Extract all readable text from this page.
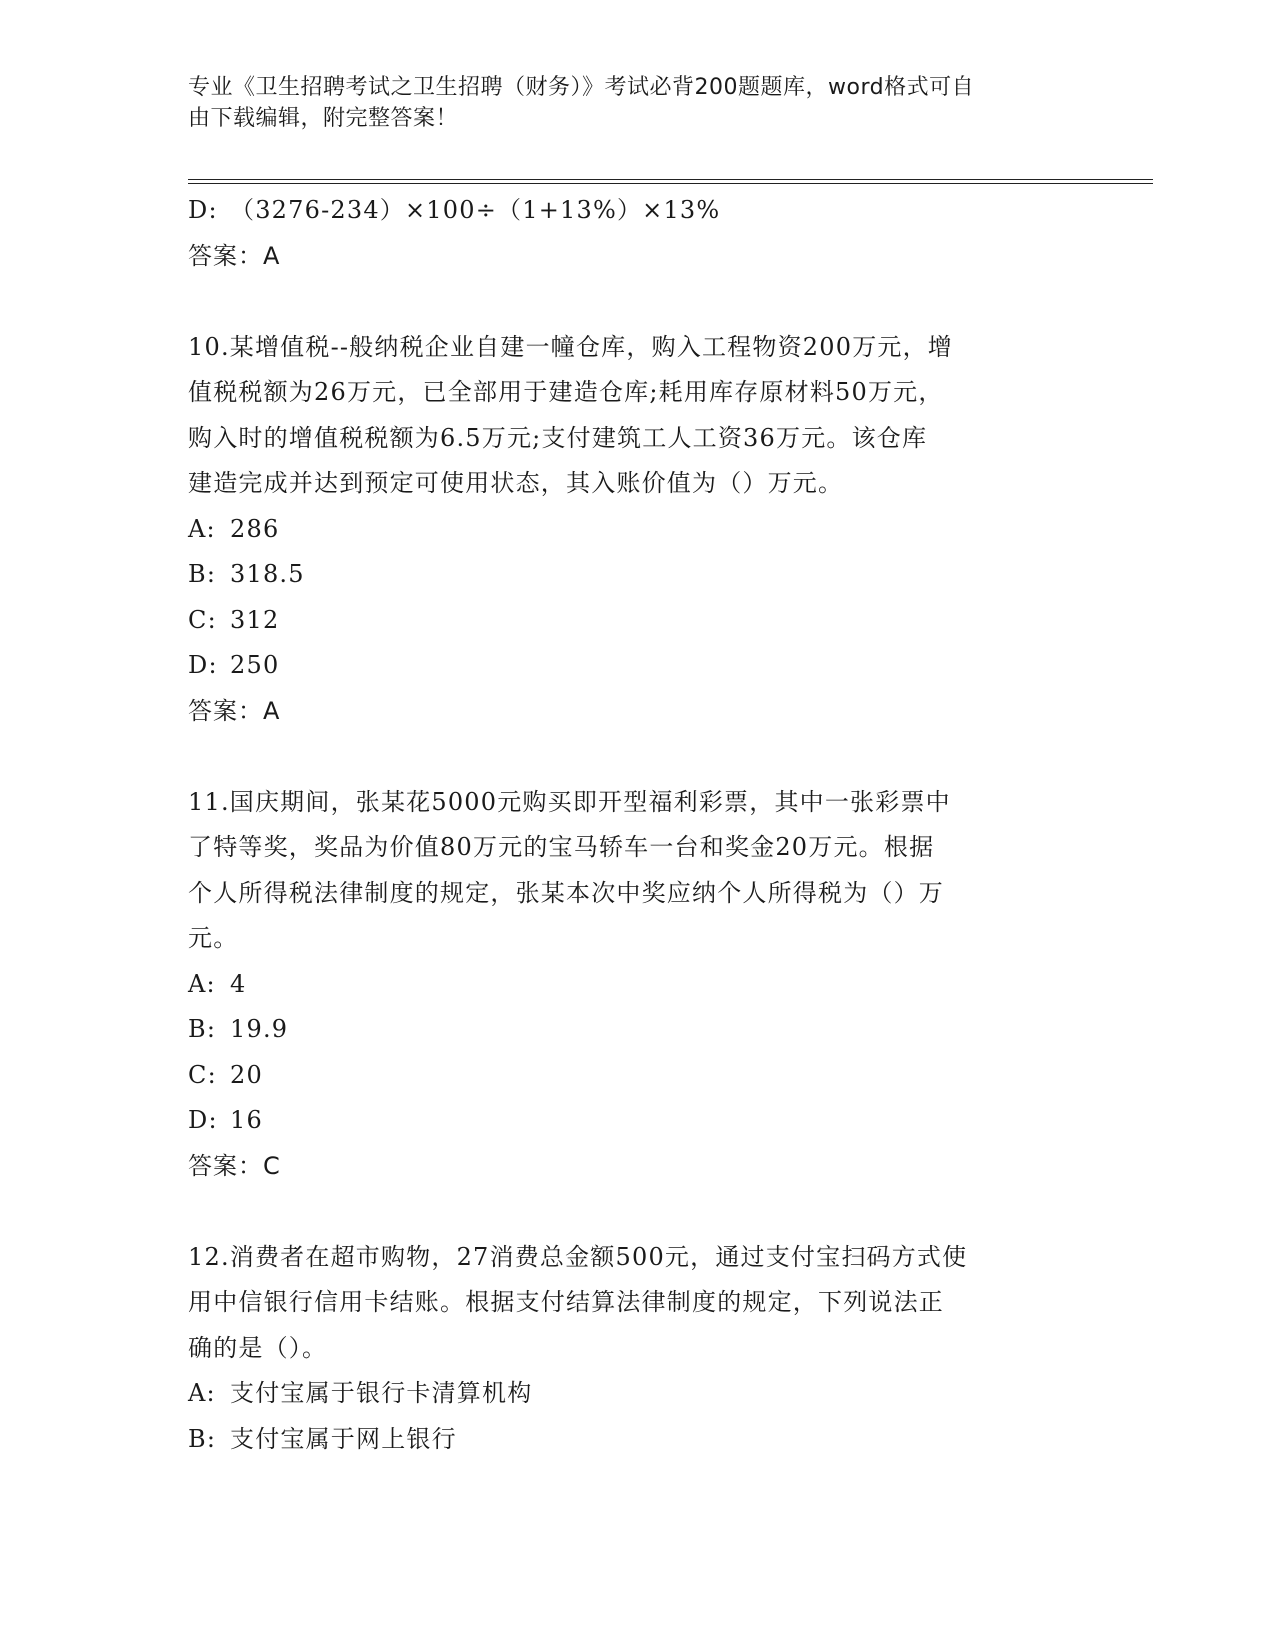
专业《卫生招聘考试之卫生招聘（财务）》考试必背200题题库，word格式可自
由下载编辑，附完整答案！
D: （3276-234）×100÷（1+13%）×13%
答案：A
10.某增值税--般纳税企业自建一幢仓库，购入工程物资200万元，增
值税税额为26万元，已全部用于建造仓库;耗用库存原材料50万元，
购入时的增值税税额为6.5万元;支付建筑工人工资36万元。该仓库
建造完成并达到预定可使用状态，其入账价值为（）万元。
A: 286
B: 318.5
C: 312
D: 250
答案：A
11.国庆期间，张某花5000元购买即开型福利彩票，其中一张彩票中
了特等奖，奖品为价值80万元的宝马轿车一台和奖金20万元。根据
个人所得税法律制度的规定，张某本次中奖应纳个人所得税为（）万
元。
A: 4
B: 19.9
C: 20
D: 16
答案：C
12.消费者在超市购物，27消费总金额500元，通过支付宝扫码方式使
用中信银行信用卡结账。根据支付结算法律制度的规定，下列说法正
确的是（）。
A: 支付宝属于银行卡清算机构
B: 支付宝属于网上银行
